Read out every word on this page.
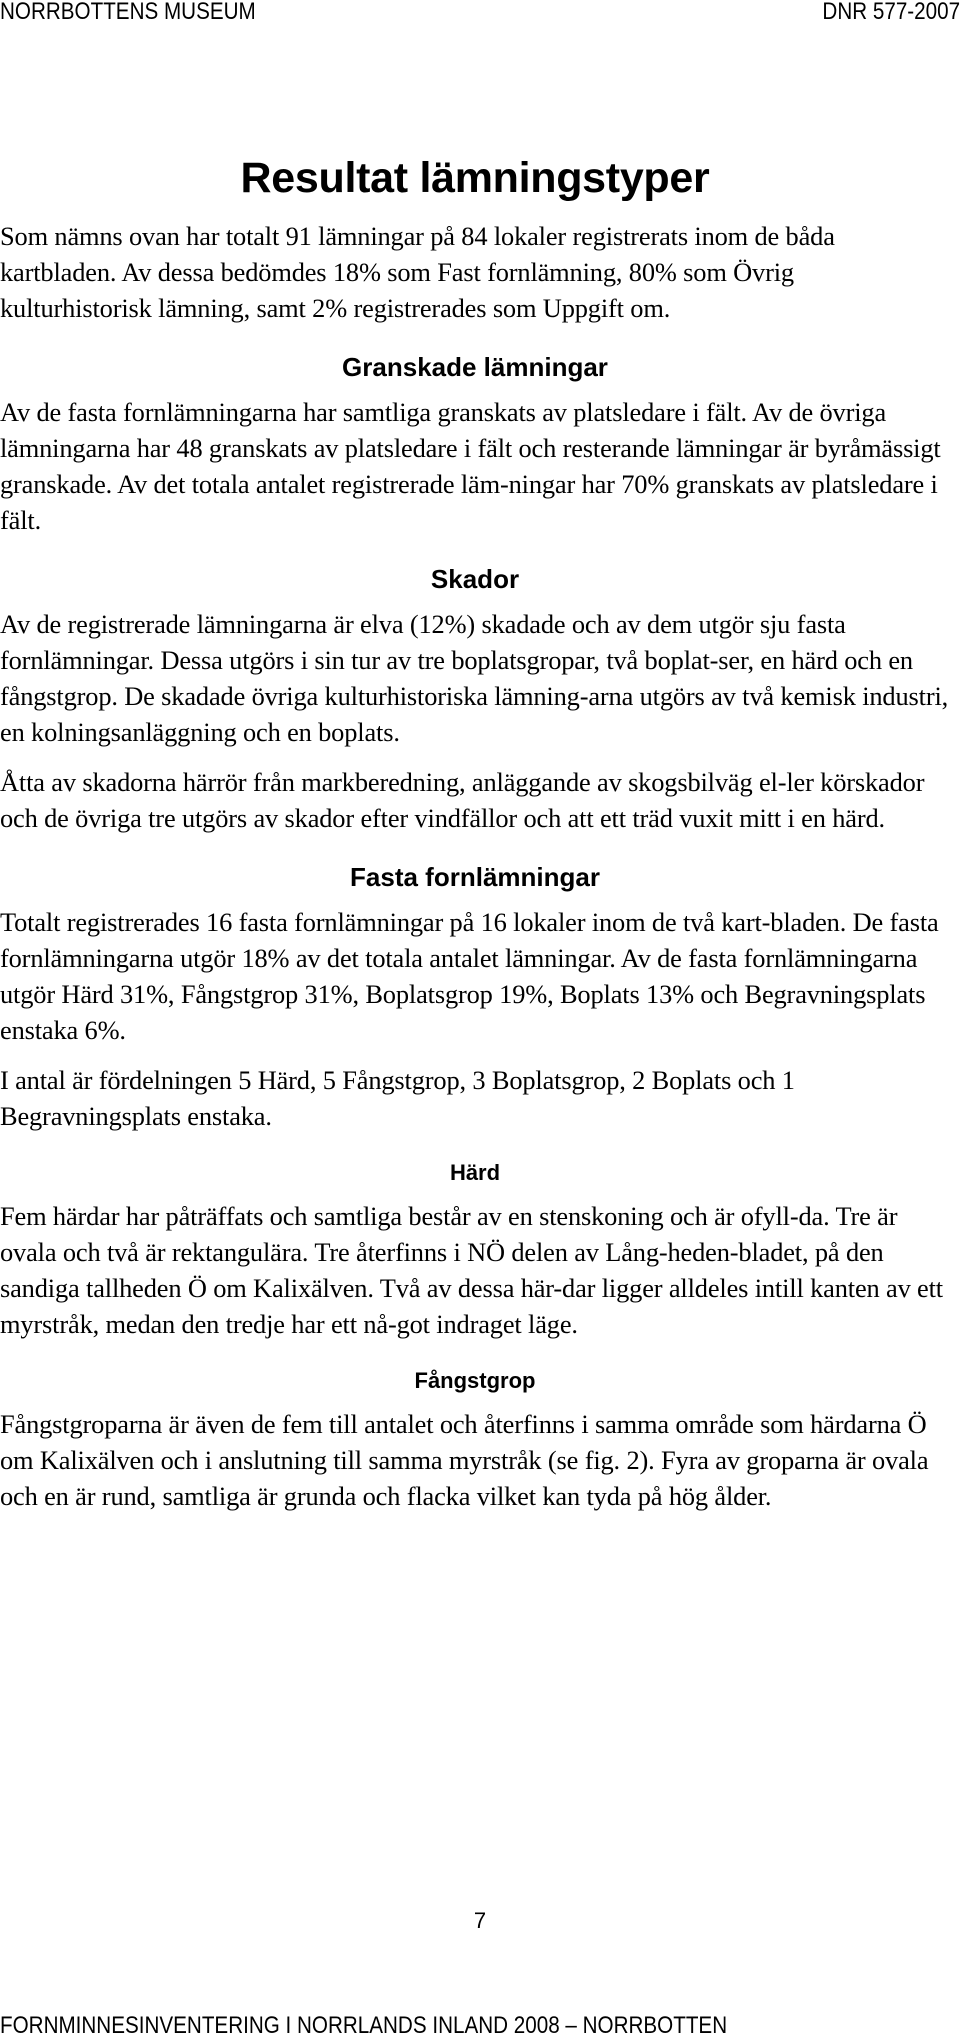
NORRBOTTENS MUSEUM	DNR 577-2007
Resultat lämningstyper

Som nämns ovan har totalt 91 lämningar på 84 lokaler registrerats inom de båda kartbladen. Av dessa bedömdes 18% som Fast fornlämning, 80% som Övrig kulturhistorisk lämning, samt 2% registrerades som Uppgift om.

Granskade lämningar

Av de fasta fornlämningarna har samtliga granskats av platsledare i fält. Av de övriga lämningarna har 48 granskats av platsledare i fält och resterande lämningar är byråmässigt granskade. Av det totala antalet registrerade läm-ningar har 70% granskats av platsledare i fält.

Skador

Av de registrerade lämningarna är elva (12%) skadade och av dem utgör sju fasta fornlämningar. Dessa utgörs i sin tur av tre boplatsgropar, två boplat-ser, en härd och en fångstgrop. De skadade övriga kulturhistoriska lämning-arna utgörs av två kemisk industri, en kolningsanläggning och en boplats.

Åtta av skadorna härrör från markberedning, anläggande av skogsbilväg el-ler körskador och de övriga tre utgörs av skador efter vindfällor och att ett träd vuxit mitt i en härd.

Fasta fornlämningar

Totalt registrerades 16 fasta fornlämningar på 16 lokaler inom de två kart-bladen. De fasta fornlämningarna utgör 18% av det totala antalet lämningar. Av de fasta fornlämningarna utgör Härd 31%, Fångstgrop 31%, Boplatsgrop 19%, Boplats 13% och Begravningsplats enstaka 6%.

I antal är fördelningen 5 Härd, 5 Fångstgrop, 3 Boplatsgrop, 2 Boplats och 1 Begravningsplats enstaka.

Härd

Fem härdar har påträffats och samtliga består av en stenskoning och är ofyll-da. Tre är ovala och två är rektangulära. Tre återfinns i NÖ delen av Lång-heden-bladet, på den sandiga tallheden Ö om Kalixälven. Två av dessa här-dar ligger alldeles intill kanten av ett myrstråk, medan den tredje har ett nå-got indraget läge.

Fångstgrop

Fångstgroparna är även de fem till antalet och återfinns i samma område som härdarna Ö om Kalixälven och i anslutning till samma myrstråk (se fig. 2). Fyra av groparna är ovala och en är rund, samtliga är grunda och flacka vilket kan tyda på hög ålder.

7
FORNMINNESINVENTERING I NORRLANDS INLAND 2008 – NORRBOTTEN
